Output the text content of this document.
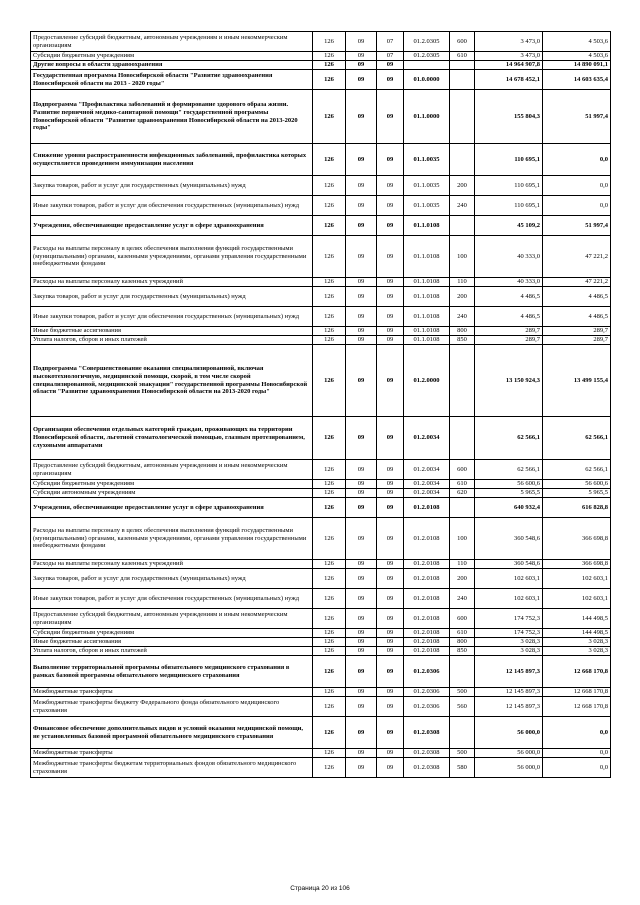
Предоставление субсидий бюджетным, автономным учреждениям и иным некоммерческим организациям	126	09	07	01.2.0305	600	3 473,0	4 503,6
Субсидии бюджетным учреждениям	126	09	07	01.2.0305	610	3 473,0	4 503,6
Другие вопросы в области здравоохранения	126	09	09			14 964 907,8	14 890 091,1
Государственная программа Новосибирской области "Развитие здравоохранения Новосибирской области на 2013 - 2020 годы"	126	09	09	01.0.0000		14 678 452,1	14 603 635,4
Подпрограмма "Профилактика заболеваний и формирование здорового образа жизни. Развитие первичной медико-санитарной помощи" государственной программы Новосибирской области "Развитие здравоохранения Новосибирской области на 2013-2020 годы"	126	09	09	01.1.0000		155 804,3	51 997,4
Снижение уровня распространенности инфекционных заболеваний, профилактика которых осуществляется проведением иммунизации населения	126	09	09	01.1.0035		110 695,1	0,0
Закупка товаров, работ и услуг для государственных (муниципальных) нужд	126	09	09	01.1.0035	200	110 695,1	0,0
Иные закупки товаров, работ и услуг для обеспечения государственных (муниципальных) нужд	126	09	09	01.1.0035	240	110 695,1	0,0
Учреждения, обеспечивающие предоставление услуг в сфере здравоохранения	126	09	09	01.1.0108		45 109,2	51 997,4
Расходы на выплаты персоналу в целях обеспечения выполнения функций государственными (муниципальными) органами, казенными учреждениями, органами управления государственными внебюджетными фондами	126	09	09	01.1.0108	100	40 333,0	47 221,2
Расходы на выплаты персоналу казенных учреждений	126	09	09	01.1.0108	110	40 333,0	47 221,2
Закупка товаров, работ и услуг для государственных (муниципальных) нужд	126	09	09	01.1.0108	200	4 486,5	4 486,5
Иные закупки товаров, работ и услуг для обеспечения государственных (муниципальных) нужд	126	09	09	01.1.0108	240	4 486,5	4 486,5
Иные бюджетные ассигнования	126	09	09	01.1.0108	800	289,7	289,7
Уплата налогов, сборов и иных платежей	126	09	09	01.1.0108	850	289,7	289,7
Подпрограмма "Совершенствование оказания специализированной, включая высокотехнологичную, медицинской помощи, скорой, в том числе скорой специализированной, медицинской эвакуации" государственной программы Новосибирской области "Развитие здравоохранения Новосибирской области на 2013-2020 годы"	126	09	09	01.2.0000		13 150 924,3	13 499 155,4
Организация обеспечения отдельных категорий граждан, проживающих на территории Новосибирской области, льготной стоматологической помощью, глазным протезированием, слуховыми аппаратами	126	09	09	01.2.0034		62 566,1	62 566,1
Предоставление субсидий бюджетным, автономным учреждениям и иным некоммерческим организациям	126	09	09	01.2.0034	600	62 566,1	62 566,1
Субсидии бюджетным учреждениям	126	09	09	01.2.0034	610	56 600,6	56 600,6
Субсидии автономным учреждениям	126	09	09	01.2.0034	620	5 965,5	5 965,5
Учреждения, обеспечивающие предоставление услуг в сфере здравоохранения	126	09	09	01.2.0108		640 932,4	616 828,8
Расходы на выплаты персоналу в целях обеспечения выполнения функций государственными (муниципальными) органами, казенными учреждениями, органами управления государственными внебюджетными фондами	126	09	09	01.2.0108	100	360 548,6	366 698,8
Расходы на выплаты персоналу казенных учреждений	126	09	09	01.2.0108	110	360 548,6	366 698,8
Закупка товаров, работ и услуг для государственных (муниципальных) нужд	126	09	09	01.2.0108	200	102 603,1	102 603,1
Иные закупки товаров, работ и услуг для обеспечения государственных (муниципальных) нужд	126	09	09	01.2.0108	240	102 603,1	102 603,1
Предоставление субсидий бюджетным, автономным учреждениям и иным некоммерческим организациям	126	09	09	01.2.0108	600	174 752,3	144 498,5
Субсидии бюджетным учреждениям	126	09	09	01.2.0108	610	174 752,3	144 498,5
Иные бюджетные ассигнования	126	09	09	01.2.0108	800	3 028,3	3 028,3
Уплата налогов, сборов и иных платежей	126	09	09	01.2.0108	850	3 028,3	3 028,3
Выполнение территориальной программы обязательного медицинского страхования в рамках базовой программы обязательного медицинского страхования	126	09	09	01.2.0306		12 145 897,3	12 668 170,8
Межбюджетные трансферты	126	09	09	01.2.0306	500	12 145 897,3	12 668 170,8
Межбюджетные трансферты бюджету Федерального фонда обязательного медицинского страхования	126	09	09	01.2.0306	560	12 145 897,3	12 668 170,8
Финансовое обеспечение дополнительных видов и условий оказания медицинской помощи, не установленных базовой программой обязательного медицинского страхования	126	09	09	01.2.0308		56 000,0	0,0
Межбюджетные трансферты	126	09	09	01.2.0308	500	56 000,0	0,0
Межбюджетные трансферты бюджетам территориальных фондов обязательного медицинского страхования	126	09	09	01.2.0308	580	56 000,0	0,0
Страница 20 из 106
